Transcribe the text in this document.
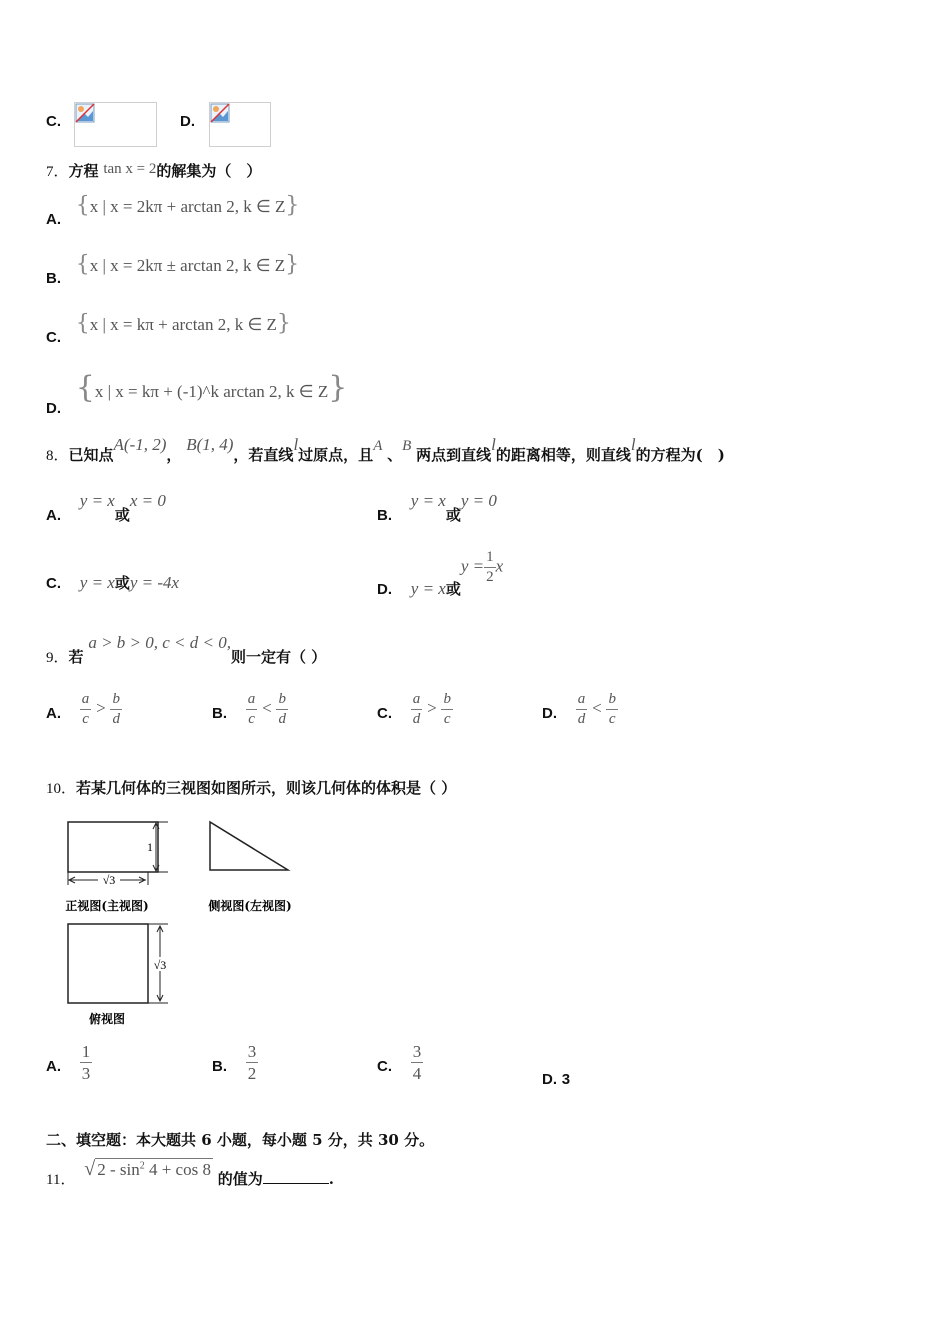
C.	D.
7．方程 tan x = 2的解集为（　）
A. {x | x = 2kπ + arctan 2, k ∈ Z}
B. {x | x = 2kπ ± arctan 2, k ∈ Z}
C. {x | x = kπ + arctan 2, k ∈ Z}
D. {x | x = kπ + (-1)^k arctan 2, k ∈ Z}
8．已知点A(-1, 2)， B(1, 4)，若直线l过原点，且A 、B 两点到直线l的距离相等，则直线l的方程为(　)
A. y = x或x = 0
B. y = x或y = 0
C. y = x或y = -4x	D. y = x或$y = \frac{1}{2}$ x
9．若 a > b > 0, c < d < 0,则一定有（ ）
A. $\frac{a}{c} > \frac{b}{d}$	B. $\frac{a}{c} < \frac{b}{d}$	C. $\frac{a}{d} > \frac{b}{c}$	D. $\frac{a}{d} < \frac{b}{c}$
10．若某几何体的三视图如图所示，则该几何体的体积是（ ）
1
√3
正视图(主视图)	侧视图(左视图)
√3
俯视图
A. $\frac{1}{3}$	B. $\frac{3}{2}$	C. $\frac{3}{4}$	D. 3
二、填空题：本大题共 6 小题，每小题 5 分，共 30 分。
11． √ $2 - \sin^2 4 + \cos 8$ 的值为	.
